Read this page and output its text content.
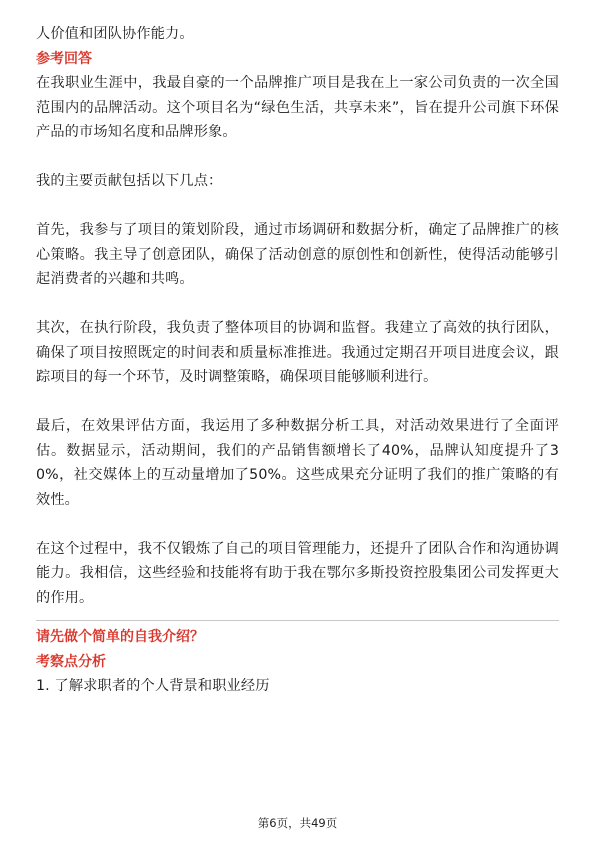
人价值和团队协作能力。

参考回答

在我职业生涯中，我最自豪的一个品牌推广项目是我在上一家公司负责的一次全国范围内的品牌活动。这个项目名为“绿色生活，共享未来”，旨在提升公司旗下环保产品的市场知名度和品牌形象。

我的主要贡献包括以下几点：

首先，我参与了项目的策划阶段，通过市场调研和数据分析，确定了品牌推广的核心策略。我主导了创意团队，确保了活动创意的原创性和创新性，使得活动能够引起消费者的兴趣和共鸣。

其次，在执行阶段，我负责了整体项目的协调和监督。我建立了高效的执行团队，确保了项目按照既定的时间表和质量标准推进。我通过定期召开项目进度会议，跟踪项目的每一个环节，及时调整策略，确保项目能够顺利进行。

最后，在效果评估方面，我运用了多种数据分析工具，对活动效果进行了全面评估。数据显示，活动期间，我们的产品销售额增长了40%，品牌认知度提升了30%，社交媒体上的互动量增加了50%。这些成果充分证明了我们的推广策略的有效性。

在这个过程中，我不仅锻炼了自己的项目管理能力，还提升了团队合作和沟通协调能力。我相信，这些经验和技能将有助于我在鄂尔多斯投资控股集团公司发挥更大的作用。

请先做个简单的自我介绍？

考察点分析

1. 了解求职者的个人背景和职业经历

第6页，共49页
